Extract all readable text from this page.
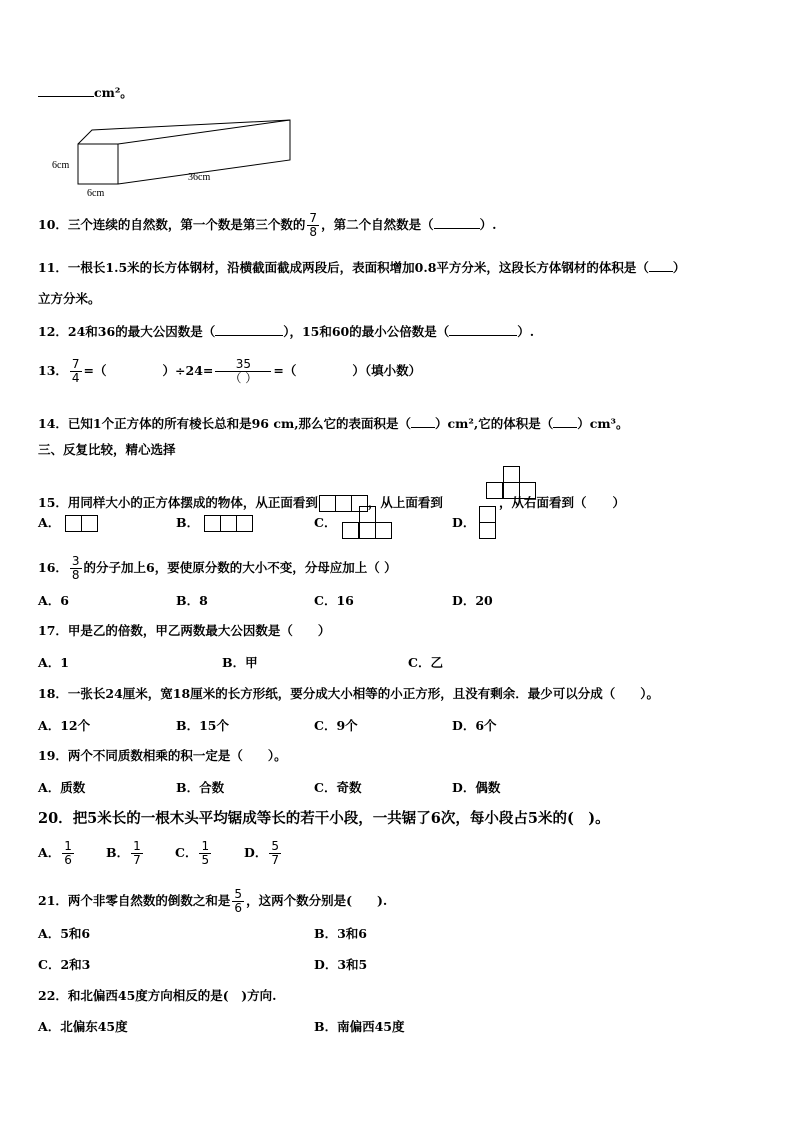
cm²。
6cm
6cm
36cm
10．三个连续的自然数，第一个数是第三个数的 $\frac{7}{8}$ ，第二个自然数是（	）.
11．一根长1.5米的长方体钢材，沿横截面截成两段后，表面积增加0.8平方分米，这段长方体钢材的体积是（ ）
立方分米。
12．24和36的最大公因数是（	），15和60的最小公倍数是（	）.
13． $\frac{7}{4}$ =（	）$\div 24= \frac{35}{( )}$ =（	）（填小数）
14．已知1个正方体的所有棱长总和是96 cm,那么它的表面积是（ ）cm²,它的体积是（ ）cm³。
三、反复比较，精心选择
15．用同样大小的正方体摆成的物体，从正面看到	，从上面看到	，从右面看到（ ）
A．	B．	C．	D．
16． $\frac{3}{8}$ 的分子加上6，要使原分数的大小不变，分母应加上（ ）
A．6	B．8	C．16	D．20
17．甲是乙的倍数，甲乙两数最大公因数是（　　）
A．1	B．甲	C．乙
18．一张长24厘米，宽18厘米的长方形纸，要分成大小相等的小正方形，且没有剩余．最少可以分成（　　）。
A．12个	B．15个	C．9个	D．6个
19．两个不同质数相乘的积一定是（　　）。
A．质数	B．合数	C．奇数	D．偶数
20．把5米长的一根木头平均锯成等长的若干小段，一共锯了6次，每小段占5米的(　)。
A． $\frac{1}{6}$	B． $\frac{1}{7}$	C． $\frac{1}{5}$	D． $\frac{5}{7}$
21．两个非零自然数的倒数之和是 $\frac{5}{6}$ ，这两个数分别是(　　).
A．5和6	B．3和6
C．2和3	D．3和5
22．和北偏西45度方向相反的是(　)方向.
A．北偏东45度	B．南偏西45度
